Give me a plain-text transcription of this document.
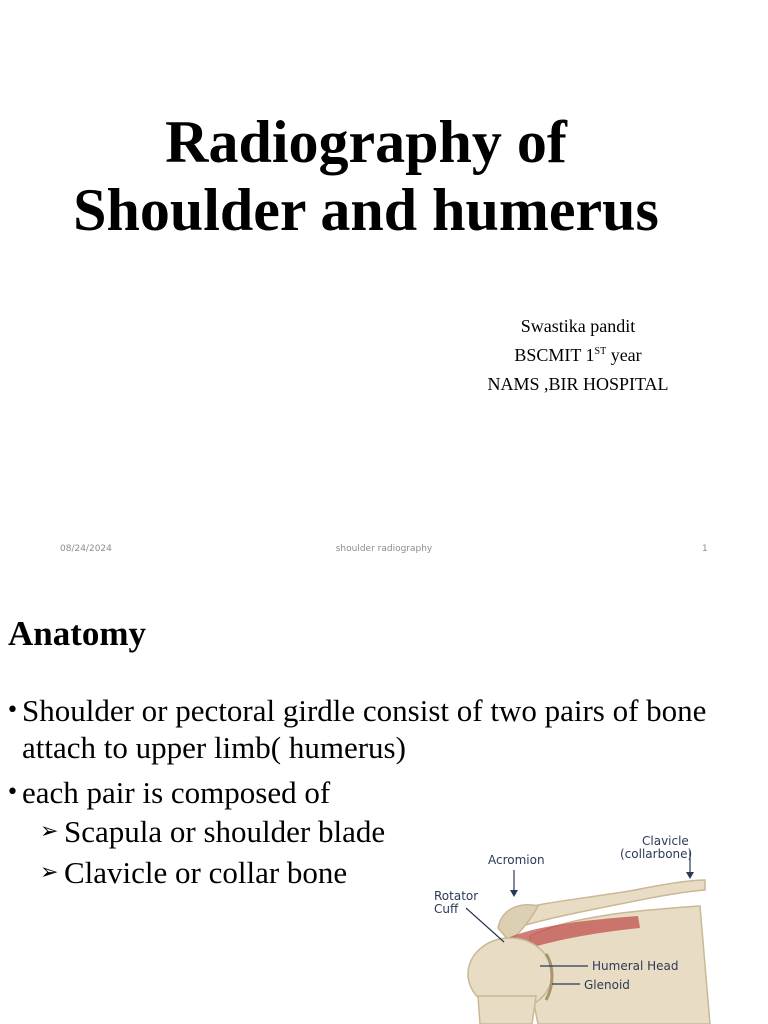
Radiography of
Shoulder and humerus
Swastika pandit
BSCMIT 1ST year
NAMS ,BIR HOSPITAL
08/24/2024	shoulder radiography	1
Anatomy
• Shoulder or pectoral girdle consist of two pairs of bone attach to upper limb( humerus)
• each pair is composed of
➢ Scapula or shoulder blade
➢ Clavicle or collar bone
Clavicle
(collarbone)
Acromion
Rotator
Cuff
Humeral Head
Glenoid
